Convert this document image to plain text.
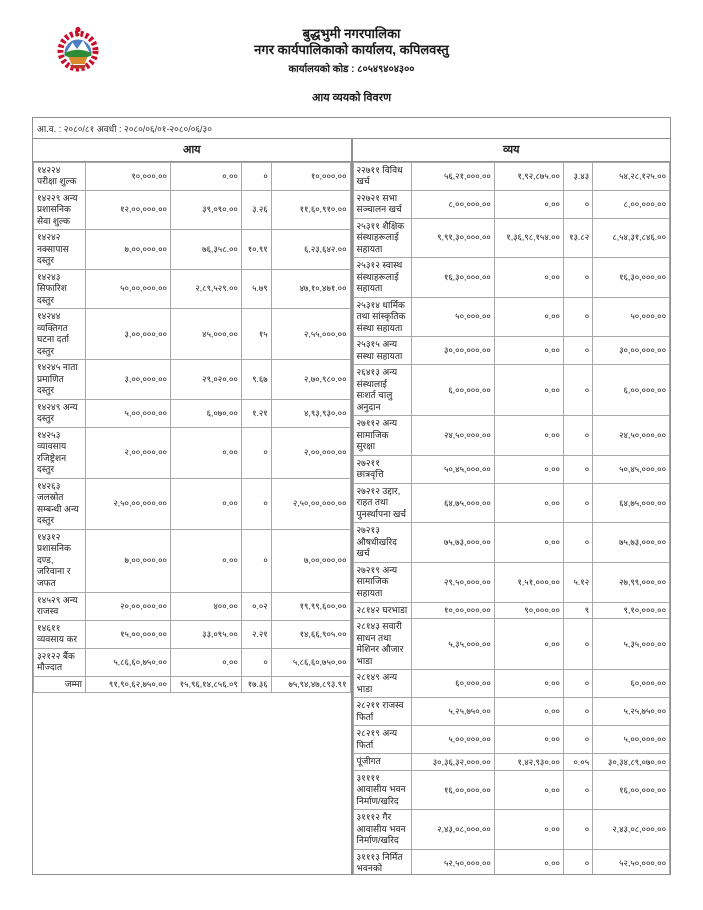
बुद्धभुमी नगरपालिका
नगर कार्यपालिकाको कार्यालय, कपिलवस्तु
कार्यालयको कोड : ८०५४९४०४३००
आय व्ययको विवरण
आ.व. : २०८०/८१ अवधी : २०८०/०६/०१-२०८०/०६/३०
आय
१४२२४ परीक्षा शुल्क	१०,०००.००	०.००	०	१०,०००.००
१४२२९ अन्य प्रशासनिक सेवा शुल्क	१२,००,०००.००	३९,०९०.००	३.२६	११,६०,९१०.००
१४२४२ नक्सापास दस्तुर	७,००,०००.००	७६,३५८.००	१०.९१	६,२३,६४२.००
१४२४३ सिफारिश दस्तुर	५०,००,०००.००	२,८९,५२९.००	५.७९	४७,१०,४७१.००
१४२४४ व्यक्तिगत घटना दर्ता दस्तुर	३,००,०००.००	४५,०००.००	१५	२,५५,०००.००
१४२४५ नाता प्रमाणित दस्तुर	३,००,०००.००	२९,०२०.००	९.६७	२,७०,९८०.००
१४२४९ अन्य दस्तुर	५,००,०००.००	६,०७०.००	१.२१	४,९३,९३०.००
१४२५३ व्यावसाय रजिष्ट्रेशन दस्तुर	२,००,०००.००	०.००	०	२,००,०००.००
१४२६३ जलस्रोत सम्बन्धी अन्य दस्तुर	२,५०,००,०००.००	०.००	०	२,५०,००,०००.००
१४३१२ प्रशासनिक दण्ड, जरिवाना र जफत	७,००,०००.००	०.००	०	७,००,०००.००
१४५२९ अन्य राजस्व	२०,००,०००.००	४००.००	०.०२	१९,९९,६००.००
१४६११ व्यवसाय कर	१५,००,०००.००	३३,०९५.००	२.२१	१४,६६,९०५.००
३२१२२ बैंक मौज्दात	५,८६,६०,७५०.००	०.००	०	५,८६,६०,७५०.००
जम्मा	९१,९०,६२,७५०.००	१५,९६,१४,८५६.०९	१७.३६	७५,९४,४७,८९३.९१
व्यय
२२७११ विविध खर्च	५६,२१,०००.००	१,९२,८७५.००	३.४३	५४,२८,१२५.००
२२७२१ सभा सञ्चालन खर्च	८,००,०००.००	०.००	०	८,००,०००.००
२५३११ शैक्षिक संस्थाहरूलाई सहायता	९,९१,३०,०००.००	१,३६,९८,१५४.००	१३.८२	८,५४,३१,८४६.००
२५३१२ स्वास्थ संस्थाहरूलाई सहायता	१६,३०,०००.००	०.००	०	१६,३०,०००.००
२५३१४ धार्मिक तथा सांस्कृतिक संस्था सहायता	५०,०००.००	०.००	०	५०,०००.००
२५३१५ अन्य सस्था सहायता	३०,००,०००.००	०.००	०	३०,००,०००.००
२६४१३ अन्य संस्थालाई सःशर्त चालु अनुदान	६,००,०००.००	०.००	०	६,००,०००.००
२७११२ अन्य सामाजिक सुरक्षा	२४,५०,०००.००	०.००	०	२४,५०,०००.००
२७२११ छात्रवृत्ति	५०,४५,०००.००	०.००	०	५०,४५,०००.००
२७२१२ उद्दार, राहत तथा पुनर्स्थापना खर्च	६४,७५,०००.००	०.००	०	६४,७५,०००.००
२७२१३ औषधीखरिद खर्च	७५,७३,०००.००	०.००	०	७५,७३,०००.००
२७२१९ अन्य सामाजिक सहायता	२९,५०,०००.००	१,५१,०००.००	५.१२	२७,९९,०००.००
२८१४२ घरभाडा	१०,००,०००.००	९०,०००.००	९	९,१०,०००.००
२८१४३ सवारी साधन तथा मेशिनर औजार भाडा	५,३५,०००.००	०.००	०	५,३५,०००.००
२८१४९ अन्य भाडा	६०,०००.००	०.००	०	६०,०००.००
२८२११ राजस्व फिर्ता	५,२५,७५०.००	०.००	०	५,२५,७५०.००
२८२१९ अन्य फिर्ता	५,००,०००.००	०.००	०	५,००,०००.००
पूंजीगत	३०,३६,३२,०००.००	१,४२,९३०.००	०.०५	३०,३४,८९,०७०.००
३११११ आवासीय भवन निर्माण/खरिद	१६,००,०००.००	०.००	०	१६,००,०००.००
३१११२ गैर आवासीय भवन निर्माण/खरिद	२,४३,०८,०००.००	०.००	०	२,४३,०८,०००.००
३१११३ निर्मित भवनको	५२,५०,०००.००	०.००	०	५२,५०,०००.००
